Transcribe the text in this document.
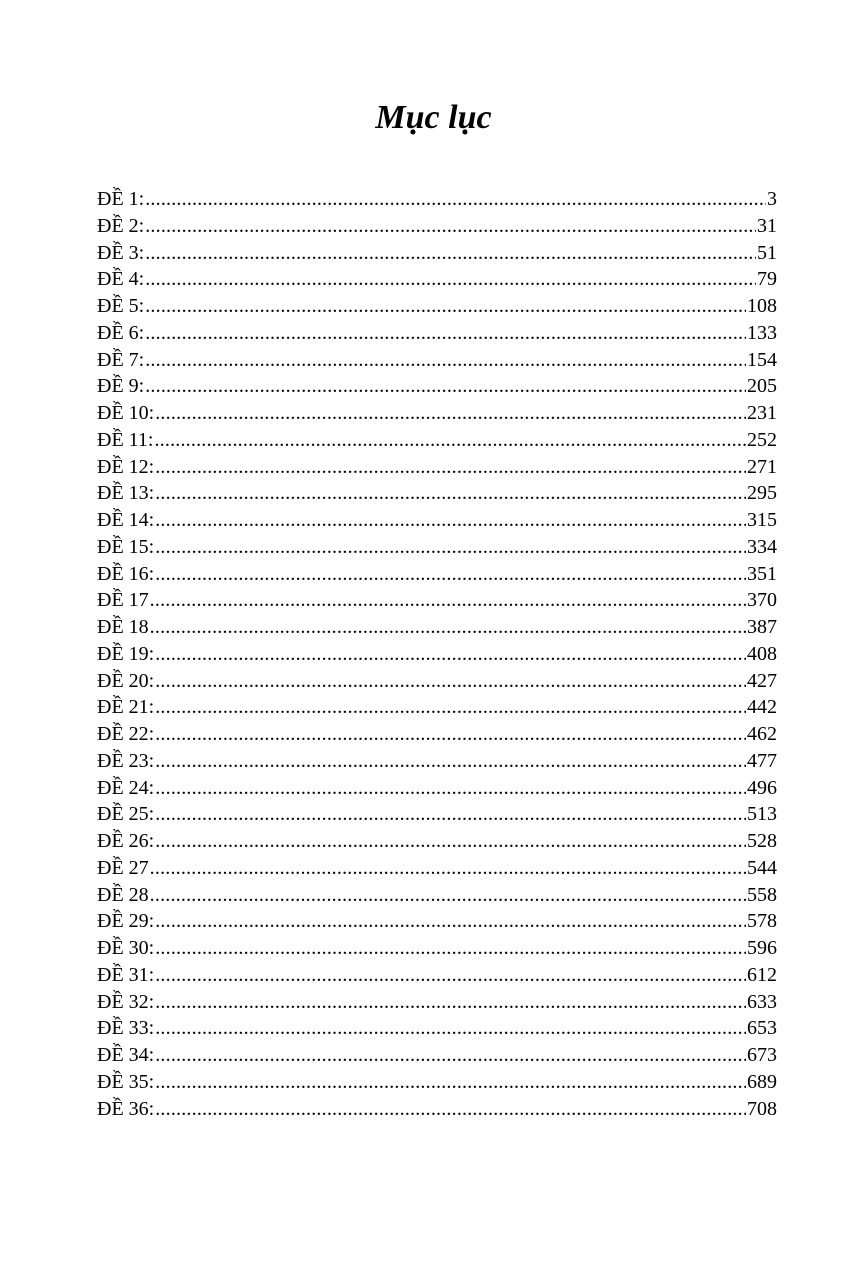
Mục lục
ĐỀ 1: .....	3
ĐỀ 2: .....	31
ĐỀ 3: .....	51
ĐỀ 4: .....	79
ĐỀ 5: .....	108
ĐỀ 6: .....	133
ĐỀ 7: .....	154
ĐỀ 9: .....	205
ĐỀ 10: .....	231
ĐỀ 11: .....	252
ĐỀ 12: .....	271
ĐỀ 13: .....	295
ĐỀ 14: .....	315
ĐỀ 15: .....	334
ĐỀ 16: .....	351
ĐỀ 17 .....	370
ĐỀ 18 .....	387
ĐỀ 19: .....	408
ĐỀ 20: .....	427
ĐỀ 21: .....	442
ĐỀ 22: .....	462
ĐỀ 23: .....	477
ĐỀ 24: .....	496
ĐỀ 25: .....	513
ĐỀ 26: .....	528
ĐỀ 27 .....	544
ĐỀ 28 .....	558
ĐỀ 29: .....	578
ĐỀ 30: .....	596
ĐỀ 31: .....	612
ĐỀ 32: .....	633
ĐỀ 33: .....	653
ĐỀ 34: .....	673
ĐỀ 35: .....	689
ĐỀ 36: .....	708
